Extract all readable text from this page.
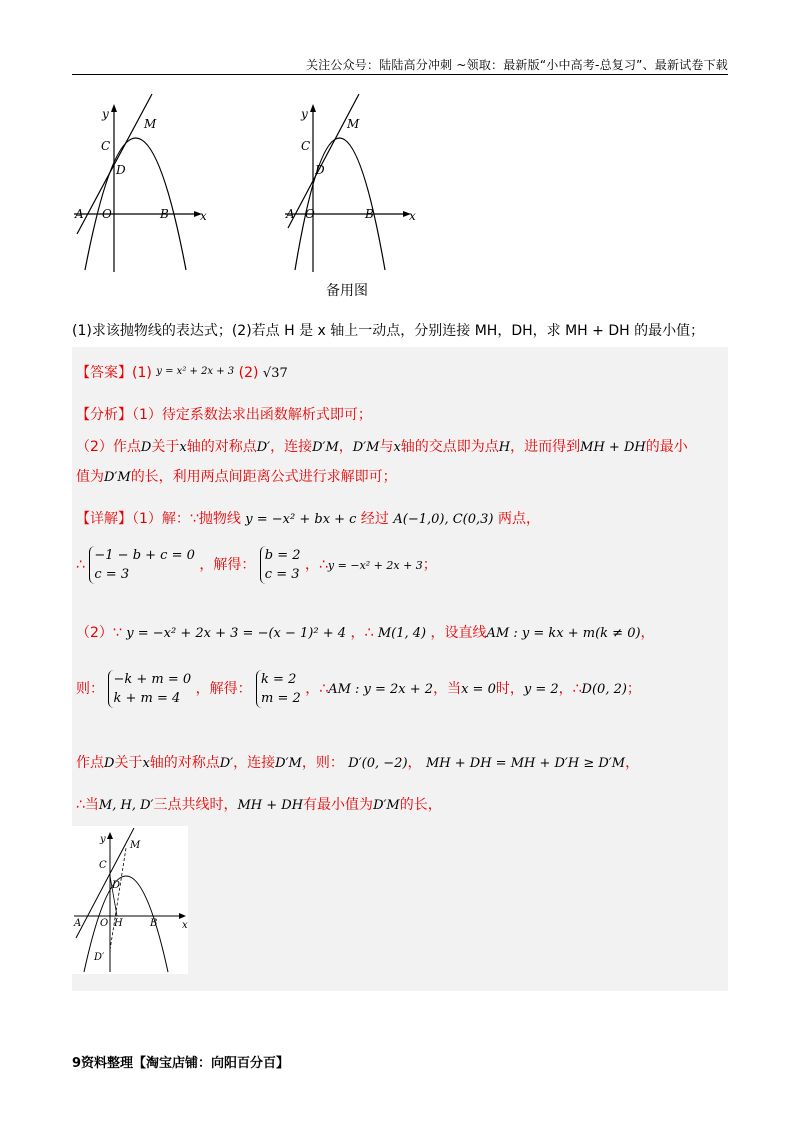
关注公众号：陆陆高分冲刺 ~领取：最新版“小中高考-总复习”、最新试卷下载
y
x
M
C
D
A O	B
y
x
M
C
D
A O	B
备用图
(1)求该抛物线的表达式；(2)若点 H 是 x 轴上一动点，分别连接 MH，DH，求 MH + DH 的最小值；
【答案】(1) $^{y = x^2 + 2x + 3}$ (2) √37
【分析】（1）待定系数法求出函数解析式即可；
（2）作点D关于x轴的对称点D′，连接D′M，D′M与x轴的交点即为点H，进而得到MH + DH的最小
值为D′M的长，利用两点间距离公式进行求解即可；
【详解】（1）解：∵抛物线 y = −x² + bx + c 经过 A(−1,0), C(0,3) 两点，
∴ −1 − b + c = 0
c = 3 ，解得： b = 2
c = 3 ，∴y = −x² + 2x + 3；
（2）∵ y = −x² + 2x + 3 = −(x − 1)² + 4 ，∴ M(1, 4) ，设直线AM : y = kx + m(k ≠ 0)，
则： −k + m = 0
k + m = 4 ，解得： k = 2
m = 2 ，∴AM : y = 2x + 2，当x = 0时，y = 2，∴D(0, 2)；
作点D关于x轴的对称点D′，连接D′M，则： D′(0, −2)， MH + DH = MH + D′H ≥ D′M，
∴当M, H, D′三点共线时，MH + DH有最小值为D′M的长，
y
x
M
C
D
A O H	B
D′
9资料整理【淘宝店铺：向阳百分百】
